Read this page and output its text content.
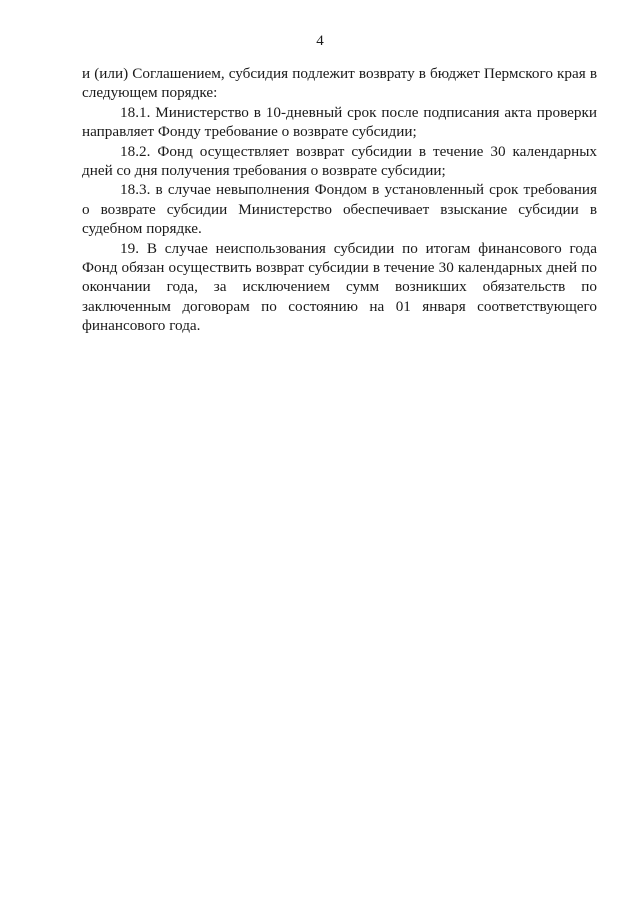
4

и (или) Соглашением, субсидия подлежит возврату в бюджет Пермского края в следующем порядке:

18.1. Министерство в 10-дневный срок после подписания акта проверки направляет Фонду требование о возврате субсидии;

18.2. Фонд осуществляет возврат субсидии в течение 30 календарных дней со дня получения требования о возврате субсидии;

18.3. в случае невыполнения Фондом в установленный срок требования о возврате субсидии Министерство обеспечивает взыскание субсидии в судебном порядке.

19. В случае неиспользования субсидии по итогам финансового года Фонд обязан осуществить возврат субсидии в течение 30 календарных дней по окончании года, за исключением сумм возникших обязательств по заключенным договорам по состоянию на 01 января соответствующего финансового года.
